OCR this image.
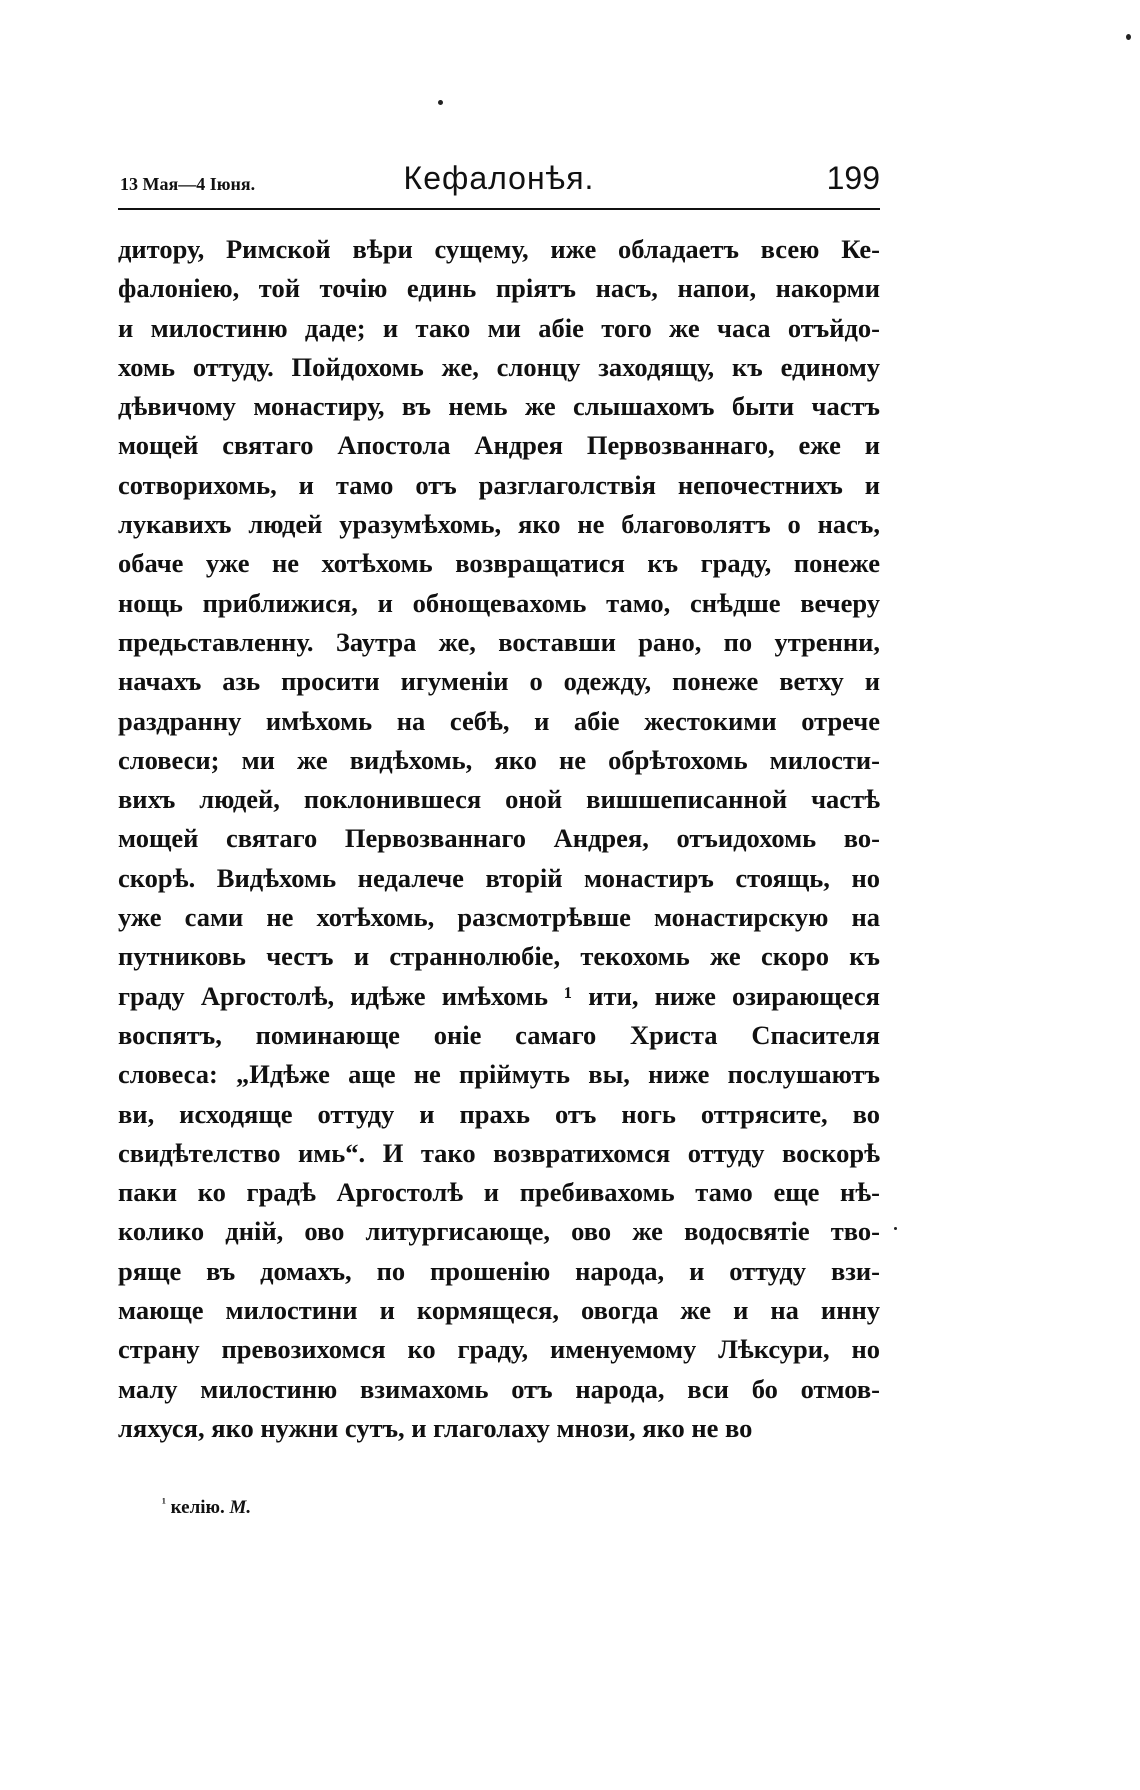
13 Мая—4 Іюня.	Кефалонѣя.	199
дитору, Римской вѣри сущему, иже обладаетъ всею Ке-
фалоніею, той точію единь пріятъ насъ, напои, накорми
и милостиню даде; и тако ми абіе того же часа отъйдо-
хомь оттуду. Пойдохомь же, слонцу заходящу, къ единому
дѣвичому монастиру, въ немь же слышахомъ быти частъ
мощей святаго Апостола Андрея Первозваннаго, еже и
сотворихомь, и тамо отъ разглаголствія непочестнихъ и
лукавихъ людей уразумѣхомь, яко не благоволятъ о насъ,
обаче уже не хотѣхомь возвращатися къ граду, понеже
нощь приближися, и обнощевахомь тамо, снѣдше вечеру
предьставленну. Заутра же, воставши рано, по утренни,
начахъ азь просити игуменіи о одежду, понеже ветху и
раздранну имѣхомь на себѣ, и абіе жестокими отрече
словеси; ми же видѣхомь, яко не обрѣтохомь милости-
вихъ людей, поклонившеся оной вишшеписанной частѣ
мощей святаго Первозваннаго Андрея, отъидохомь во-
скорѣ. Видѣхомь недалече вторій монастиръ стоящь, но
уже сами не хотѣхомь, разсмотрѣвше монастирскую на
путниковь честъ и страннолюбіе, текохомь же скоро къ
граду Аргостолѣ, идѣже имѣхомь ¹ ити, ниже озирающеся
воспятъ, поминающе оніе самаго Христа Спасителя
словеса: „Идѣже аще не пріймуть вы, ниже послушаютъ
ви, исходяще оттуду и прахь отъ ногь оттрясите, во
свидѣтелство имь“. И тако возвратихомся оттуду воскорѣ
паки ко градѣ Аргостолѣ и пребивахомь тамо еще нѣ-
колико дній, ово литургисающе, ово же водосвятіе тво-
ряще въ домахъ, по прошенію народа, и оттуду взи-
мающе милостини и кормящеся, овогда же и на инну
страну превозихомся ко граду, именуемому Лѣксури, но
малу милостиню взимахомь отъ народа, вси бо отмов-
ляхуся, яко нужни сутъ, и глаголаху мнози, яко не во
$^{^1}$ келію. М.
